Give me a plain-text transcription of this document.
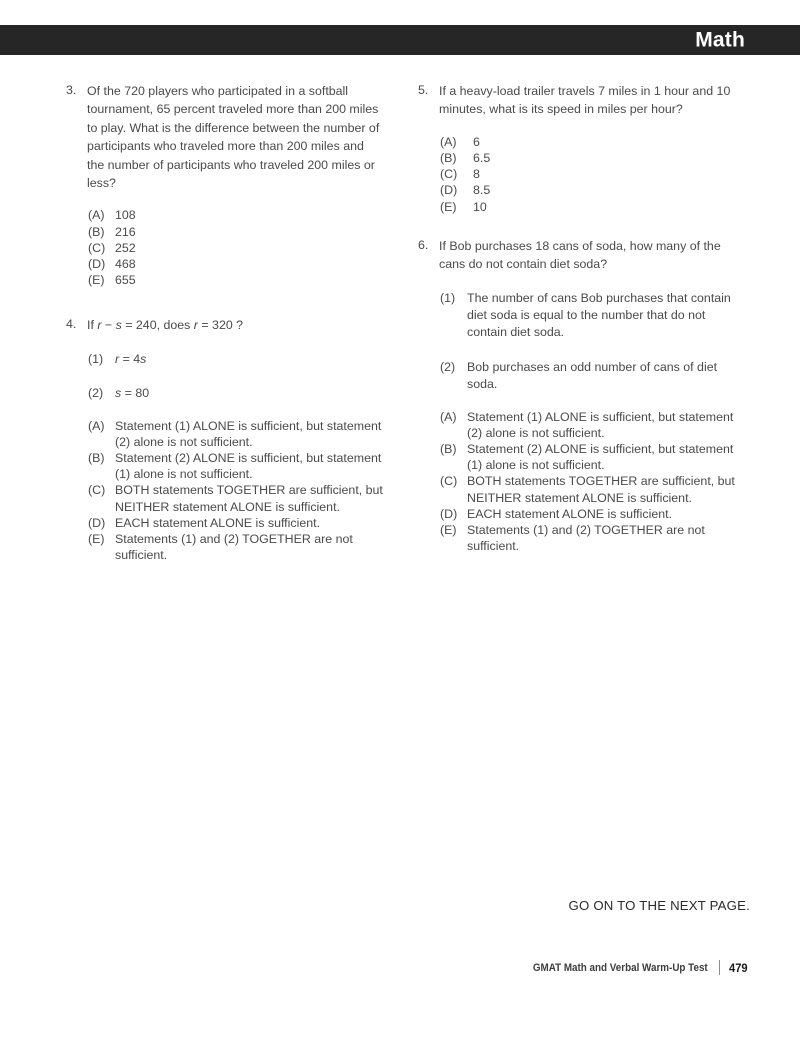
Math
3. Of the 720 players who participated in a softball tournament, 65 percent traveled more than 200 miles to play. What is the difference between the number of participants who traveled more than 200 miles and the number of participants who traveled 200 miles or less?
(A) 108
(B) 216
(C) 252
(D) 468
(E) 655
4. If r − s = 240, does r = 320 ?
(1) r = 4s
(2) s = 80
(A) Statement (1) ALONE is sufficient, but statement (2) alone is not sufficient.
(B) Statement (2) ALONE is sufficient, but statement (1) alone is not sufficient.
(C) BOTH statements TOGETHER are sufficient, but NEITHER statement ALONE is sufficient.
(D) EACH statement ALONE is sufficient.
(E) Statements (1) and (2) TOGETHER are not sufficient.
5. If a heavy-load trailer travels 7 miles in 1 hour and 10 minutes, what is its speed in miles per hour?
(A) 6
(B) 6.5
(C) 8
(D) 8.5
(E) 10
6. If Bob purchases 18 cans of soda, how many of the cans do not contain diet soda?
(1) The number of cans Bob purchases that contain diet soda is equal to the number that do not contain diet soda.
(2) Bob purchases an odd number of cans of diet soda.
(A) Statement (1) ALONE is sufficient, but statement (2) alone is not sufficient.
(B) Statement (2) ALONE is sufficient, but statement (1) alone is not sufficient.
(C) BOTH statements TOGETHER are sufficient, but NEITHER statement ALONE is sufficient.
(D) EACH statement ALONE is sufficient.
(E) Statements (1) and (2) TOGETHER are not sufficient.
GO ON TO THE NEXT PAGE.
GMAT Math and Verbal Warm-Up Test 479
